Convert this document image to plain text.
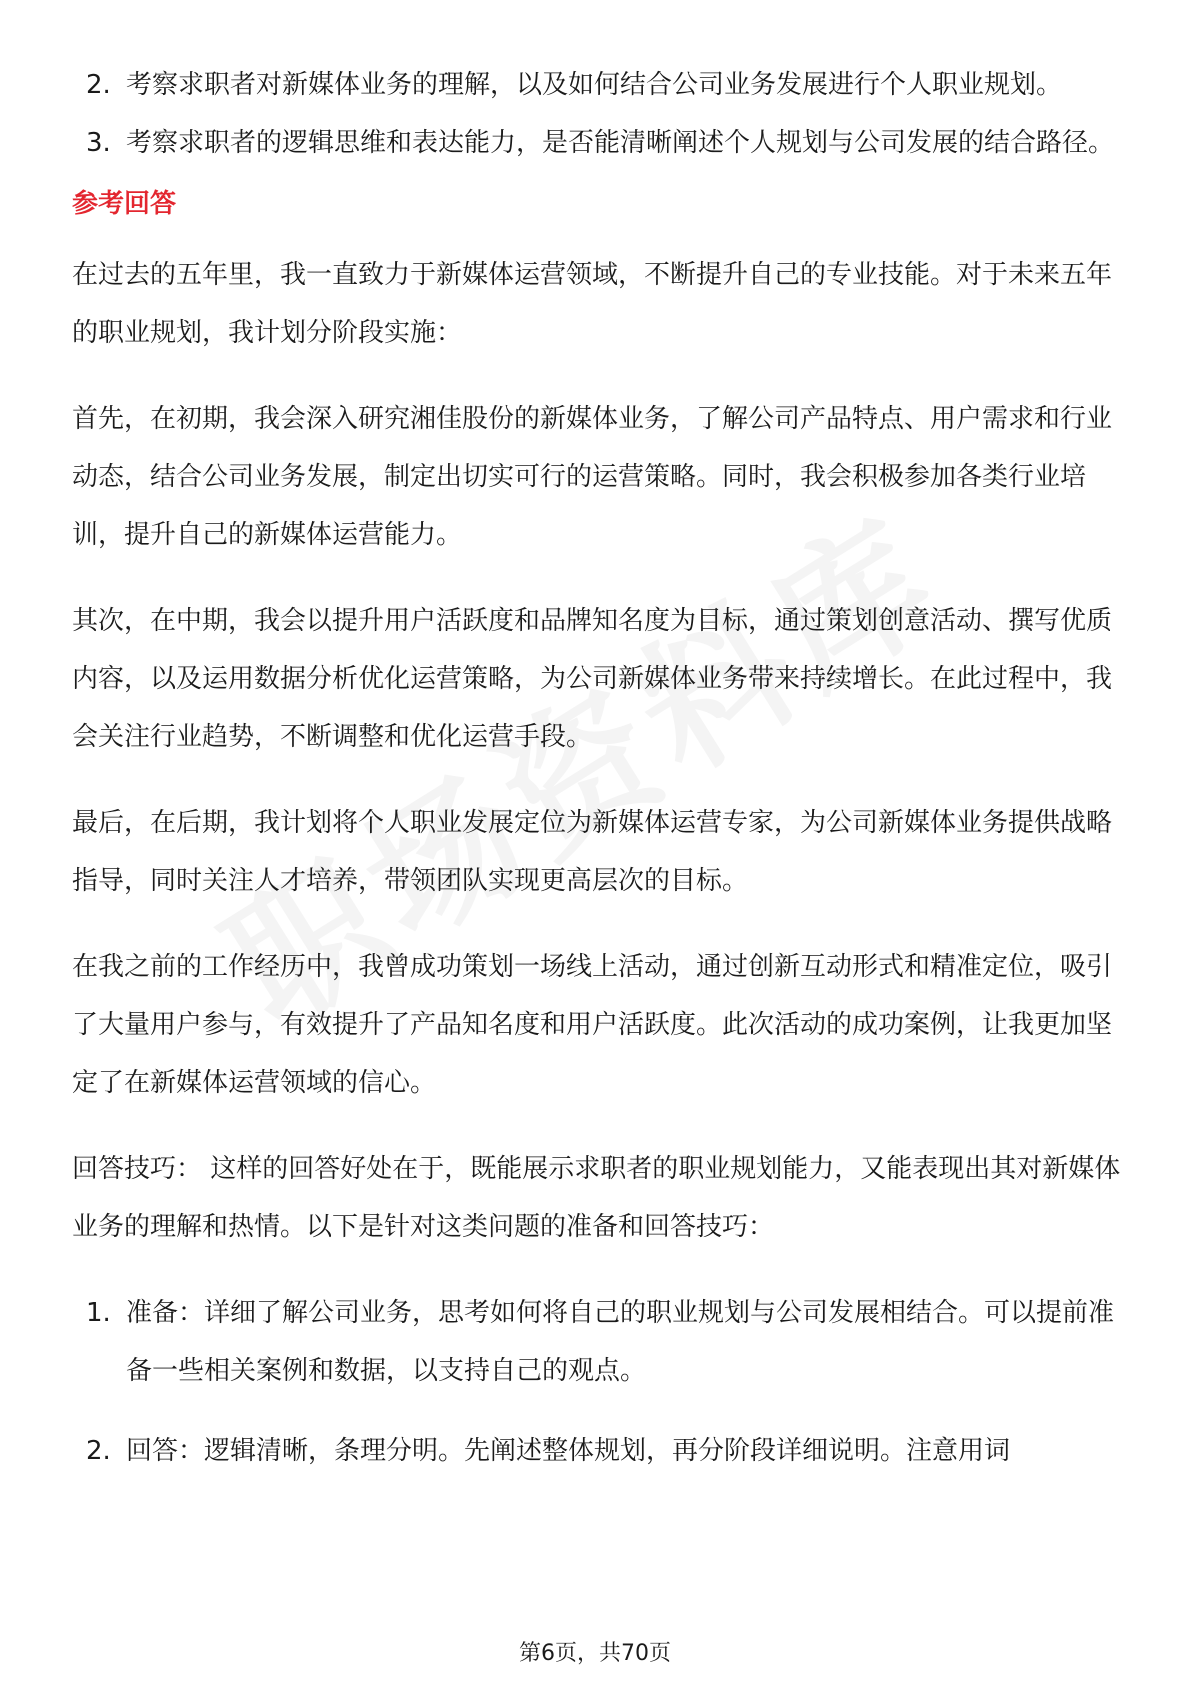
2. 考察求职者对新媒体业务的理解，以及如何结合公司业务发展进行个人职业规划。

3. 考察求职者的逻辑思维和表达能力，是否能清晰阐述个人规划与公司发展的结合路径。

参考回答

在过去的五年里，我一直致力于新媒体运营领域，不断提升自己的专业技能。对于未来五年的职业规划，我计划分阶段实施：

首先，在初期，我会深入研究湘佳股份的新媒体业务，了解公司产品特点、用户需求和行业动态，结合公司业务发展，制定出切实可行的运营策略。同时，我会积极参加各类行业培训，提升自己的新媒体运营能力。

其次，在中期，我会以提升用户活跃度和品牌知名度为目标，通过策划创意活动、撰写优质内容，以及运用数据分析优化运营策略，为公司新媒体业务带来持续增长。在此过程中，我会关注行业趋势，不断调整和优化运营手段。

最后，在后期，我计划将个人职业发展定位为新媒体运营专家，为公司新媒体业务提供战略指导，同时关注人才培养，带领团队实现更高层次的目标。

在我之前的工作经历中，我曾成功策划一场线上活动，通过创新互动形式和精准定位，吸引了大量用户参与，有效提升了产品知名度和用户活跃度。此次活动的成功案例，让我更加坚定了在新媒体运营领域的信心。

回答技巧： 这样的回答好处在于，既能展示求职者的职业规划能力，又能表现出其对新媒体业务的理解和热情。以下是针对这类问题的准备和回答技巧：

1. 准备：详细了解公司业务，思考如何将自己的职业规划与公司发展相结合。可以提前准备一些相关案例和数据，以支持自己的观点。

2. 回答：逻辑清晰，条理分明。先阐述整体规划，再分阶段详细说明。注意用词

第6页，共70页
